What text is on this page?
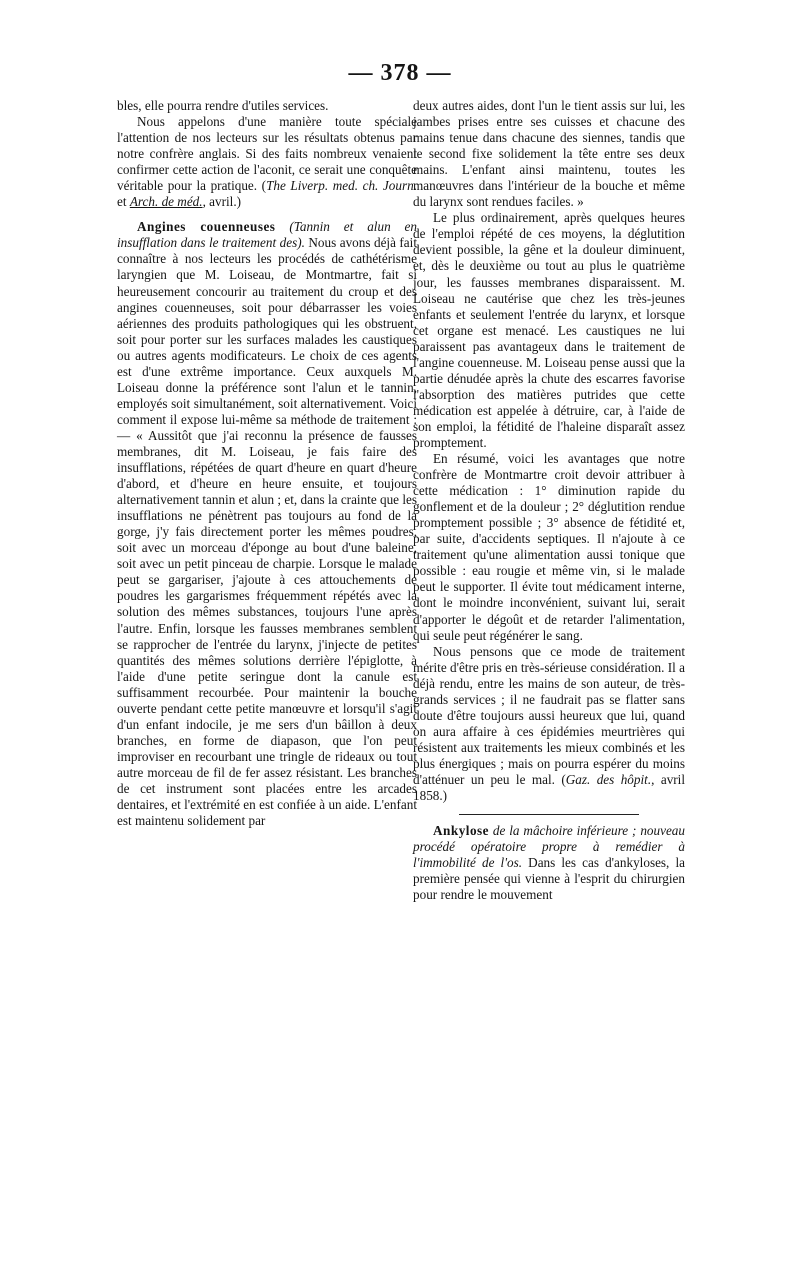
— 378 —

bles, elle pourra rendre d'utiles services.

Nous appelons d'une manière toute spéciale l'attention de nos lecteurs sur les résultats obtenus par notre confrère anglais. Si des faits nombreux venaient confirmer cette action de l'aconit, ce serait une conquête véritable pour la pratique. (The Liverp. med. ch. Journ. et Arch. de méd., avril.)

Angines couenneuses (Tannin et alun en insufflation dans le traitement des). Nous avons déjà fait connaître à nos lecteurs les procédés de cathétérisme laryngien que M. Loiseau, de Montmartre, fait si heureusement concourir au traitement du croup et des angines couenneuses, soit pour débarrasser les voies aériennes des produits pathologiques qui les obstruent, soit pour porter sur les surfaces malades les caustiques ou autres agents modificateurs. Le choix de ces agents est d'une extrême importance. Ceux auxquels M. Loiseau donne la préférence sont l'alun et le tannin, employés soit simultanément, soit alternativement. Voici comment il expose lui-même sa méthode de traitement : — « Aussitôt que j'ai reconnu la présence de fausses membranes, dit M. Loiseau, je fais faire des insufflations, répétées de quart d'heure en quart d'heure d'abord, et d'heure en heure ensuite, et toujours alternativement tannin et alun ; et, dans la crainte que les insufflations ne pénètrent pas toujours au fond de la gorge, j'y fais directement porter les mêmes poudres, soit avec un morceau d'éponge au bout d'une baleine, soit avec un petit pinceau de charpie. Lorsque le malade peut se gargariser, j'ajoute à ces attouchements de poudres les gargarismes fréquemment répétés avec la solution des mêmes substances, toujours l'une après l'autre. Enfin, lorsque les fausses membranes semblent se rapprocher de l'entrée du larynx, j'injecte de petites quantités des mêmes solutions derrière l'épiglotte, à l'aide d'une petite seringue dont la canule est suffisamment recourbée. Pour maintenir la bouche ouverte pendant cette petite manœuvre et lorsqu'il s'agit d'un enfant indocile, je me sers d'un bâillon à deux branches, en forme de diapason, que l'on peut improviser en recourbant une tringle de rideaux ou tout autre morceau de fil de fer assez résistant. Les branches de cet instrument sont placées entre les arcades dentaires, et l'extrémité en est confiée à un aide. L'enfant est maintenu solidement par

deux autres aides, dont l'un le tient assis sur lui, les jambes prises entre ses cuisses et chacune des mains tenue dans chacune des siennes, tandis que le second fixe solidement la tête entre ses deux mains. L'enfant ainsi maintenu, toutes les manœuvres dans l'intérieur de la bouche et même du larynx sont rendues faciles. »

Le plus ordinairement, après quelques heures de l'emploi répété de ces moyens, la déglutition devient possible, la gêne et la douleur diminuent, et, dès le deuxième ou tout au plus le quatrième jour, les fausses membranes disparaissent. M. Loiseau ne cautérise que chez les très-jeunes enfants et seulement l'entrée du larynx, et lorsque cet organe est menacé. Les caustiques ne lui paraissent pas avantageux dans le traitement de l'angine couenneuse. M. Loiseau pense aussi que la partie dénudée après la chute des escarres favorise l'absorption des matières putrides que cette médication est appelée à détruire, car, à l'aide de son emploi, la fétidité de l'haleine disparaît assez promptement.

En résumé, voici les avantages que notre confrère de Montmartre croit devoir attribuer à cette médication : 1° diminution rapide du gonflement et de la douleur ; 2° déglutition rendue promptement possible ; 3° absence de fétidité et, par suite, d'accidents septiques. Il n'ajoute à ce traitement qu'une alimentation aussi tonique que possible : eau rougie et même vin, si le malade peut le supporter. Il évite tout médicament interne, dont le moindre inconvénient, suivant lui, serait d'apporter le dégoût et de retarder l'alimentation, qui seule peut régénérer le sang.

Nous pensons que ce mode de traitement mérite d'être pris en très-sérieuse considération. Il a déjà rendu, entre les mains de son auteur, de très-grands services ; il ne faudrait pas se flatter sans doute d'être toujours aussi heureux que lui, quand on aura affaire à ces épidémies meurtrières qui résistent aux traitements les mieux combinés et les plus énergiques ; mais on pourra espérer du moins d'atténuer un peu le mal. (Gaz. des hôpit., avril 1858.)

Ankylose de la mâchoire inférieure ; nouveau procédé opératoire propre à remédier à l'immobilité de l'os. Dans les cas d'ankyloses, la première pensée qui vienne à l'esprit du chirurgien pour rendre le mouvement
